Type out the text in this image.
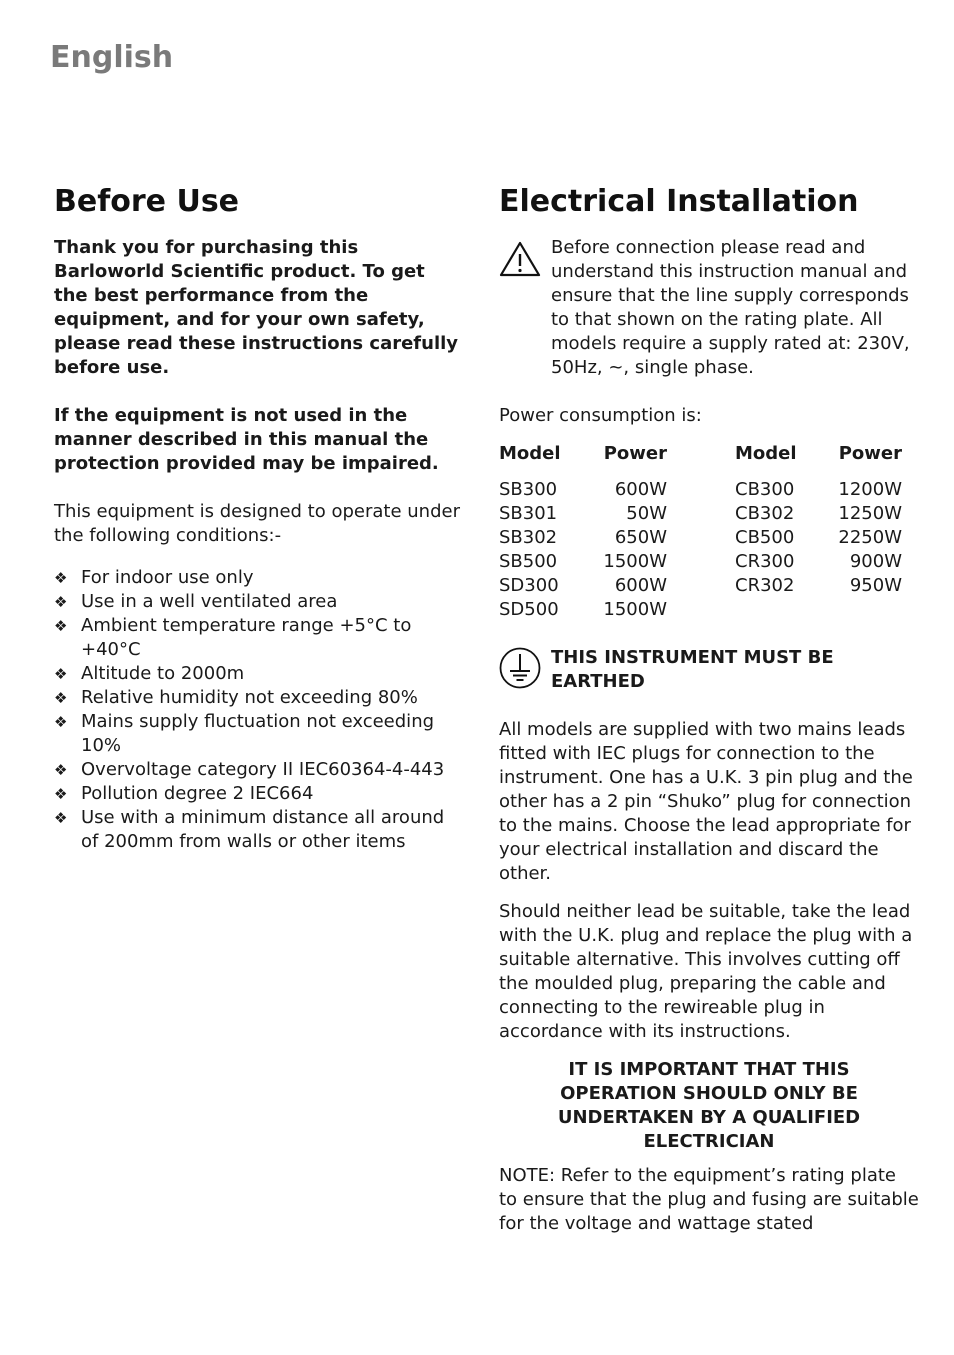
English
Before Use

Thank you for purchasing this Barloworld Scientific product. To get the best performance from the equipment, and for your own safety, please read these instructions carefully before use.

If the equipment is not used in the manner described in this manual the protection provided may be impaired.

This equipment is designed to operate under the following conditions:-

❖ For indoor use only
❖ Use in a well ventilated area
❖ Ambient temperature range +5°C to +40°C
❖ Altitude to 2000m
❖ Relative humidity not exceeding 80%
❖ Mains supply fluctuation not exceeding 10%
❖ Overvoltage category II IEC60364-4-443
❖ Pollution degree 2 IEC664
❖ Use with a minimum distance all around of 200mm from walls or other items
Electrical Installation

Before connection please read and understand this instruction manual and ensure that the line supply corresponds to that shown on the rating plate. All models require a supply rated at: 230V, 50Hz, ~, single phase.

Power consumption is:

Model	Power	Model	Power
SB300	600W	CB300	1200W
SB301	50W	CB302	1250W
SB302	650W	CB500	2250W
SB500	1500W	CR300	900W
SD300	600W	CR302	950W
SD500	1500W		

THIS INSTRUMENT MUST BE EARTHED

All models are supplied with two mains leads fitted with IEC plugs for connection to the instrument. One has a U.K. 3 pin plug and the other has a 2 pin “Shuko” plug for connection to the mains. Choose the lead appropriate for your electrical installation and discard the other.

Should neither lead be suitable, take the lead with the U.K. plug and replace the plug with a suitable alternative. This involves cutting off the moulded plug, preparing the cable and connecting to the rewireable plug in accordance with its instructions.

IT IS IMPORTANT THAT THIS OPERATION SHOULD ONLY BE UNDERTAKEN BY A QUALIFIED ELECTRICIAN

NOTE: Refer to the equipment’s rating plate to ensure that the plug and fusing are suitable for the voltage and wattage stated
